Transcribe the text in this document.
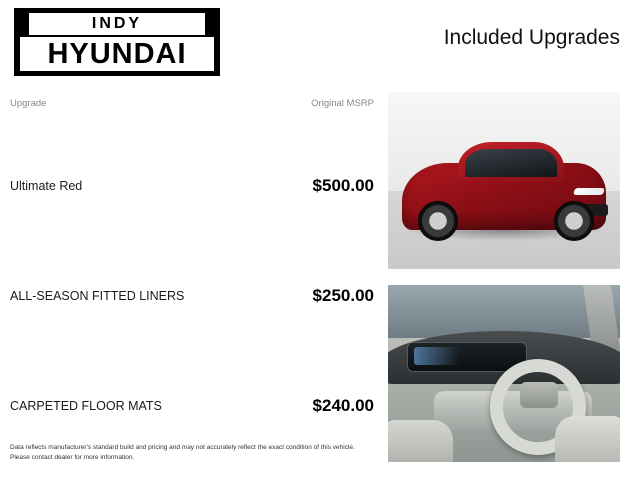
INDY
HYUNDAI	Included Upgrades
Upgrade	Original MSRP
Ultimate Red	$500.00
ALL-SEASON FITTED LINERS	$250.00
CARPETED FLOOR MATS	$240.00
Data reflects manufacturer's standard build and pricing and may not accurately reflect the exact condition of this vehicle.
Please contact dealer for more information.
